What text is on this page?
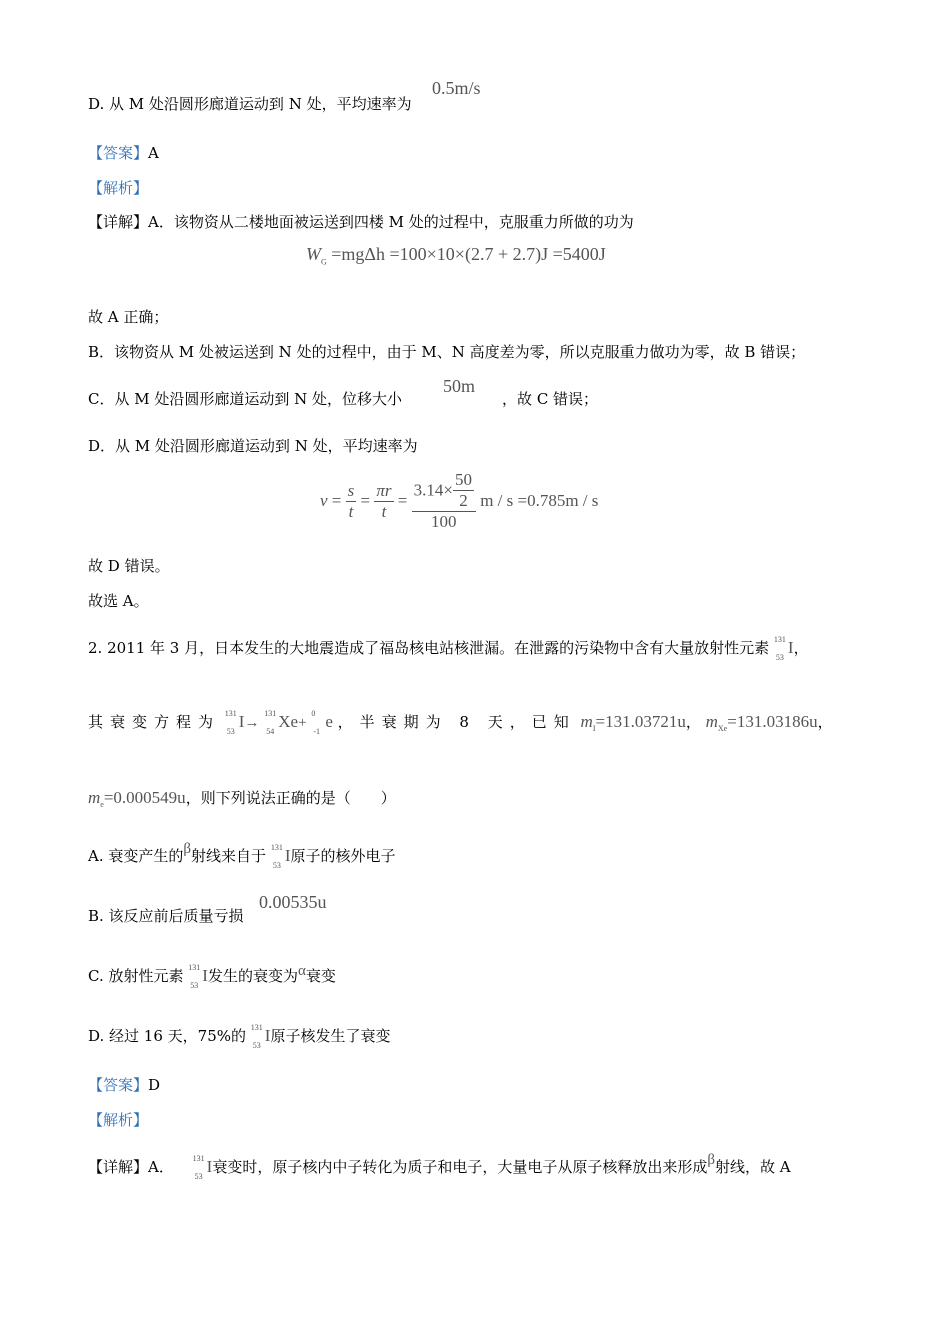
D. 从 M 处沿圆形廊道运动到 N 处，平均速率为
0.5m/s
【答案】A
【解析】
【详解】A．该物资从二楼地面被运送到四楼 M 处的过程中，克服重力所做的功为
$W_G =mg\Delta h =100\times 10\times(2.7 + 2.7)J =5400J$
故 A 正确；
B．该物资从 M 处被运送到 N 处的过程中，由于 M、N 高度差为零，所以克服重力做功为零，故 B 错误；
C．从 M 处沿圆形廊道运动到 N 处，位移大小	，故 C 错误；
50m
D．从 M 处沿圆形廊道运动到 N 处，平均速率为
$v = \frac{s}{t} = \frac{\pi r}{t} = \frac{3.14\times \frac{50}{2}}{100}$ m / s =0.785m / s
故 D 错误。
故选 A。
2. 2011 年 3 月，日本发生的大地震造成了福岛核电站核泄漏。在泄露的污染物中含有大量放射性元素 131
53
I，
其衰变方程为 131
53
I→
131
54
Xe+
0
-1
e ，半衰期为 8 天，已知 $m_I=131.03721u$， $m_{Xe}=131.03186u$，
$m_e=0.000549u$，则下列说法正确的是（　　）
A. 衰变产生的β射线来自于 131
53
I原子的核外电子
B. 该反应前后质量亏损
0.00535u
C. 放射性元素 131
53
I发生的衰变为α衰变
D. 经过 16 天，75%的 131
53
I原子核发生了衰变
【答案】D
【解析】
【详解】A． 131
53
I衰变时，原子核内中子转化为质子和电子，大量电子从原子核释放出来形成β射线，故 A
